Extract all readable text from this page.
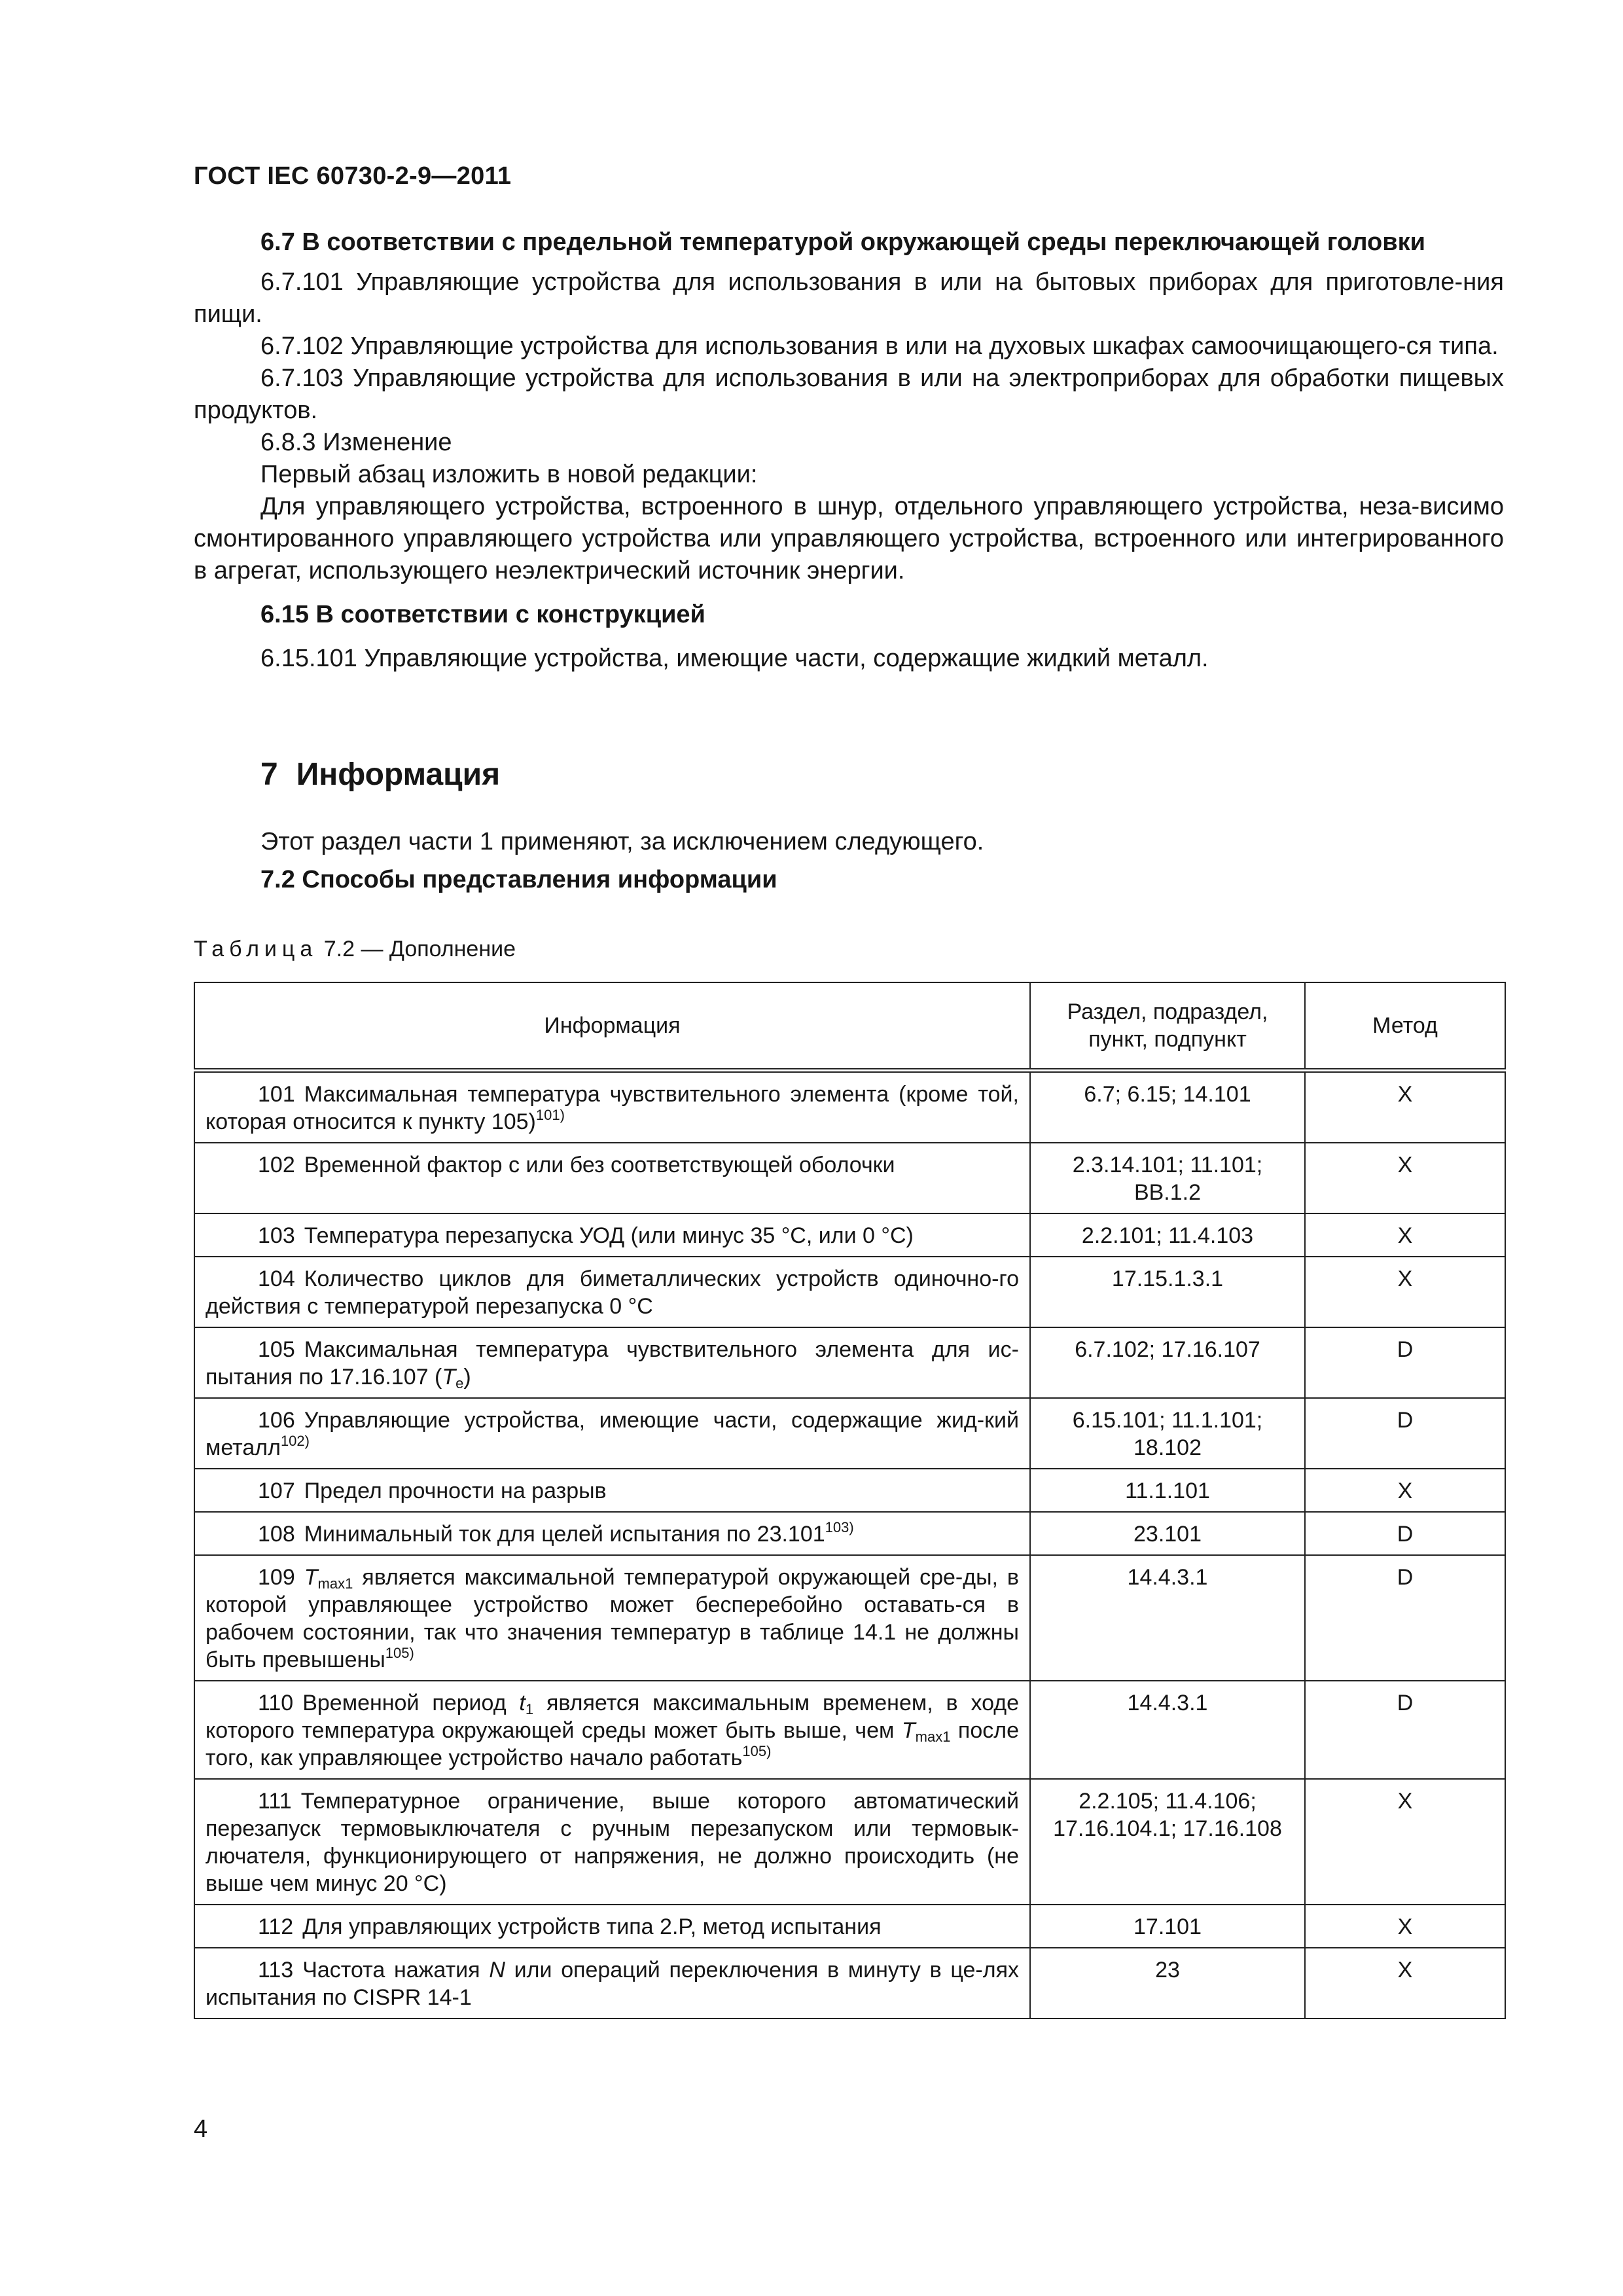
ГОСТ IEC 60730-2-9—2011

6.7 В соответствии с предельной температурой окружающей среды переключающей головки

6.7.101 Управляющие устройства для использования в или на бытовых приборах для приготовле-ния пищи.

6.7.102 Управляющие устройства для использования в или на духовых шкафах самоочищающего-ся типа.

6.7.103 Управляющие устройства для использования в или на электроприборах для обработки пищевых продуктов.

6.8.3 Изменение

Первый абзац изложить в новой редакции:

Для управляющего устройства, встроенного в шнур, отдельного управляющего устройства, неза-висимо смонтированного управляющего устройства или управляющего устройства, встроенного или интегрированного в агрегат, использующего неэлектрический источник энергии.

6.15 В соответствии с конструкцией

6.15.101 Управляющие устройства, имеющие части, содержащие жидкий металл.

7 Информация

Этот раздел части 1 применяют, за исключением следующего.

7.2 Способы представления информации

Таблица 7.2 — Дополнение

Информация	Раздел, подраздел, пункт, подпункт	Метод
101 Максимальная температура чувствительного элемента (кроме той, которая относится к пункту 105)$^{101)}$	6.7; 6.15; 14.101	X
102 Временной фактор с или без соответствующей оболочки	2.3.14.101; 11.101; BB.1.2	X
103 Температура перезапуска УОД (или минус 35 °С, или 0 °С)	2.2.101; 11.4.103	X
104 Количество циклов для биметаллических устройств одиночно-го действия с температурой перезапуска 0 °С	17.15.1.3.1	X
105 Максимальная температура чувствительного элемента для ис-пытания по 17.16.107 $(T_e)$	6.7.102; 17.16.107	D
106 Управляющие устройства, имеющие части, содержащие жид-кий металл$^{102)}$	6.15.101; 11.1.101; 18.102	D
107 Предел прочности на разрыв	11.1.101	X
108 Минимальный ток для целей испытания по 23.101$^{103)}$	23.101	D
109 $T_{max1}$ является максимальной температурой окружающей сре-ды, в которой управляющее устройство может бесперебойно оставать-ся в рабочем состоянии, так что значения температур в таблице 14.1 не должны быть превышены$^{105)}$	14.4.3.1	D
110 Временной период $t_1$ является максимальным временем, в ходе которого температура окружающей среды может быть выше, чем $T_{max1}$ после того, как управляющее устройство начало работать$^{105)}$	14.4.3.1	D
111 Температурное ограничение, выше которого автоматический перезапуск термовыключателя с ручным перезапуском или термовык-лючателя, функционирующего от напряжения, не должно происходить (не выше чем минус 20 °С)	2.2.105; 11.4.106; 17.16.104.1; 17.16.108	X
112 Для управляющих устройств типа 2.P, метод испытания	17.101	X
113 Частота нажатия N или операций переключения в минуту в це-лях испытания по CISPR 14-1	23	X
4
